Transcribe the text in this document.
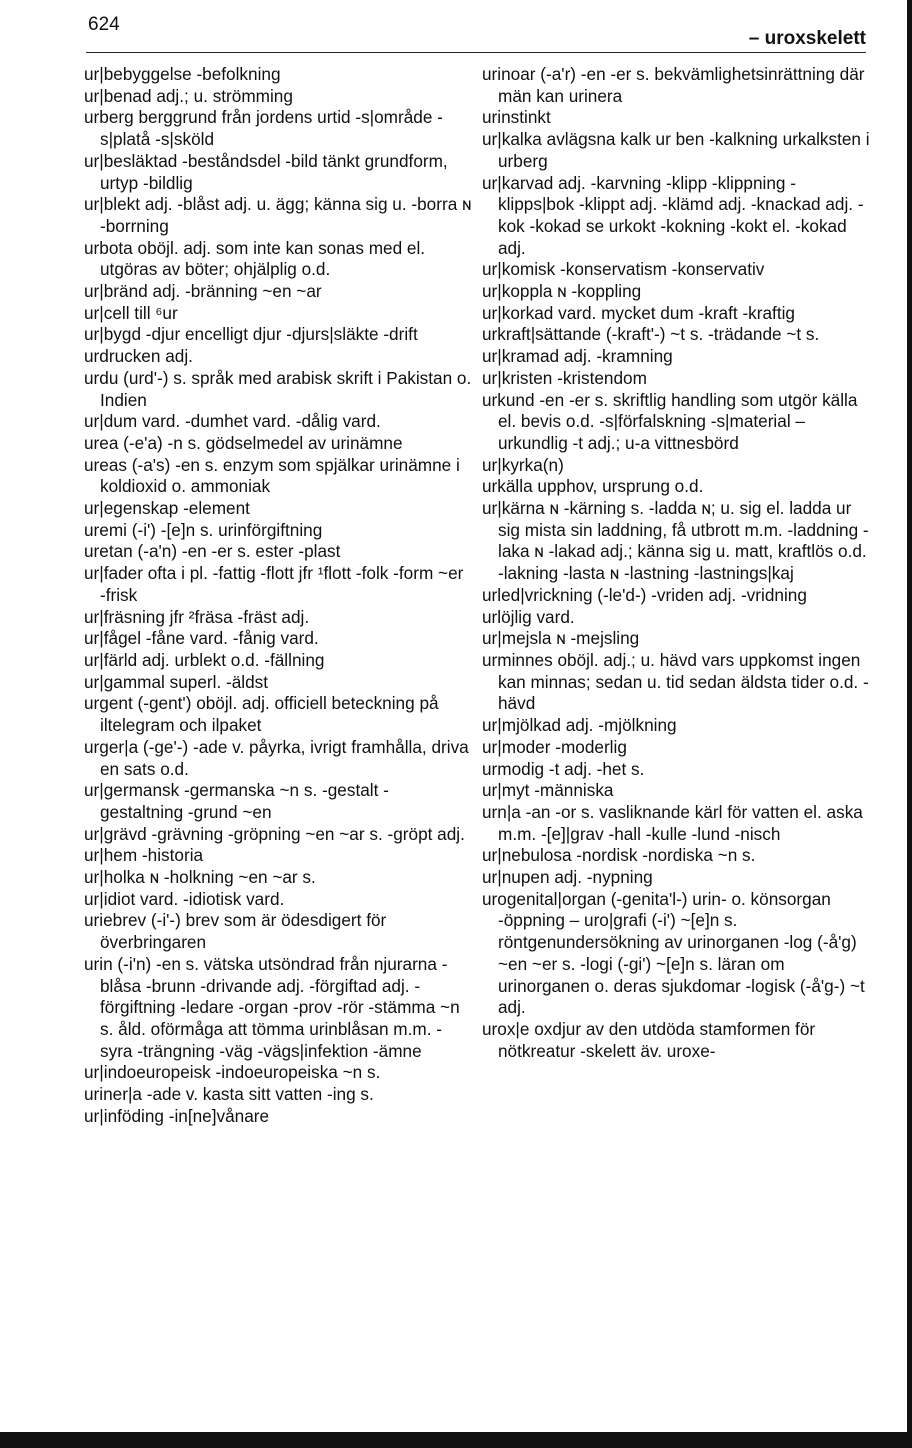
624
– uroxskelett
ur|bebyggelse -befolkning
ur|benad adj.; u. strömming
urberg berggrund från jordens urtid -s|område -s|platå -s|sköld
ur|besläktad -beståndsdel -bild tänkt grundform, urtyp -bildlig
ur|blekt adj. -blåst adj. u. ägg; känna sig u. -borra ɴ -borrning
urbota oböjl. adj. som inte kan sonas med el. utgöras av böter; ohjälplig o.d.
ur|bränd adj. -bränning ~en ~ar
ur|cell till ⁶ur
ur|bygd -djur encelligt djur -djurs|släkte -drift
urdrucken adj.
urdu (urd'-) s. språk med arabisk skrift i Pakistan o. Indien
ur|dum vard. -dumhet vard. -dålig vard.
urea (-e'a) -n s. gödselmedel av urinämne
ureas (-a's) -en s. enzym som spjälkar urinämne i koldioxid o. ammoniak
ur|egenskap -element
uremi (-i') -[e]n s. urinförgiftning
uretan (-a'n) -en -er s. ester -plast
ur|fader ofta i pl. -fattig -flott jfr ¹flott -folk -form ~er -frisk
ur|fräsning jfr ²fräsa -fräst adj.
ur|fågel -fåne vard. -fånig vard.
ur|färld adj. urblekt o.d. -fällning
ur|gammal superl. -äldst
urgent (-gent') oböjl. adj. officiell beteckning på iltelegram och ilpaket
urger|a (-ge'-) -ade v. påyrka, ivrigt framhålla, driva en sats o.d.
ur|germansk -germanska ~n s. -gestalt -gestaltning -grund ~en
ur|grävd -grävning -gröpning ~en ~ar s. -gröpt adj.
ur|hem -historia
ur|holka ɴ -holkning ~en ~ar s.
ur|idiot vard. -idiotisk vard.
uriebrev (-i'-) brev som är ödesdigert för överbringaren
urin (-i'n) -en s. vätska utsöndrad från njurarna -blåsa -brunn -drivande adj. -förgiftad adj. -förgiftning -ledare -organ -prov -rör -stämma ~n s. åld. oförmåga att tömma urinblåsan m.m. -syra -trängning -väg -vägs|infektion -ämne
ur|indoeuropeisk -indoeuropeiska ~n s.
uriner|a -ade v. kasta sitt vatten -ing s.
ur|inföding -in[ne]vånare
urinoar (-a'r) -en -er s. bekvämlighetsinrättning där män kan urinera
urinstinkt
ur|kalka avlägsna kalk ur ben -kalkning urkalksten i urberg
ur|karvad adj. -karvning -klipp -klippning -klipps|bok -klippt adj. -klämd adj. -knackad adj. -kok -kokad se urkokt -kokning -kokt el. -kokad adj.
ur|komisk -konservatism -konservativ
ur|koppla ɴ -koppling
ur|korkad vard. mycket dum -kraft -kraftig
urkraft|sättande (-kraft'-) ~t s. -trädande ~t s.
ur|kramad adj. -kramning
ur|kristen -kristendom
urkund -en -er s. skriftlig handling som utgör källa el. bevis o.d. -s|förfalskning -s|material – urkundlig -t adj.; u-a vittnesbörd
ur|kyrka(n)
urkälla upphov, ursprung o.d.
ur|kärna ɴ -kärning s. -ladda ɴ; u. sig el. ladda ur sig mista sin laddning, få utbrott m.m. -laddning -laka ɴ -lakad adj.; känna sig u. matt, kraftlös o.d. -lakning -lasta ɴ -lastning -lastnings|kaj
urled|vrickning (-le'd-) -vriden adj. -vridning
urlöjlig vard.
ur|mejsla ɴ -mejsling
urminnes oböjl. adj.; u. hävd vars uppkomst ingen kan minnas; sedan u. tid sedan äldsta tider o.d. -hävd
ur|mjölkad adj. -mjölkning
ur|moder -moderlig
urmodig -t adj. -het s.
ur|myt -människa
urn|a -an -or s. vasliknande kärl för vatten el. aska m.m. -[e]|grav -hall -kulle -lund -nisch
ur|nebulosa -nordisk -nordiska ~n s.
ur|nupen adj. -nypning
urogenital|organ (-genita'l-) urin- o. könsorgan -öppning – uro|grafi (-i') ~[e]n s. röntgenundersökning av urinorganen -log (-å'g) ~en ~er s. -logi (-gi') ~[e]n s. läran om urinorganen o. deras sjukdomar -logisk (-å'g-) ~t adj.
urox|e oxdjur av den utdöda stamformen för nötkreatur -skelett äv. uroxe-
